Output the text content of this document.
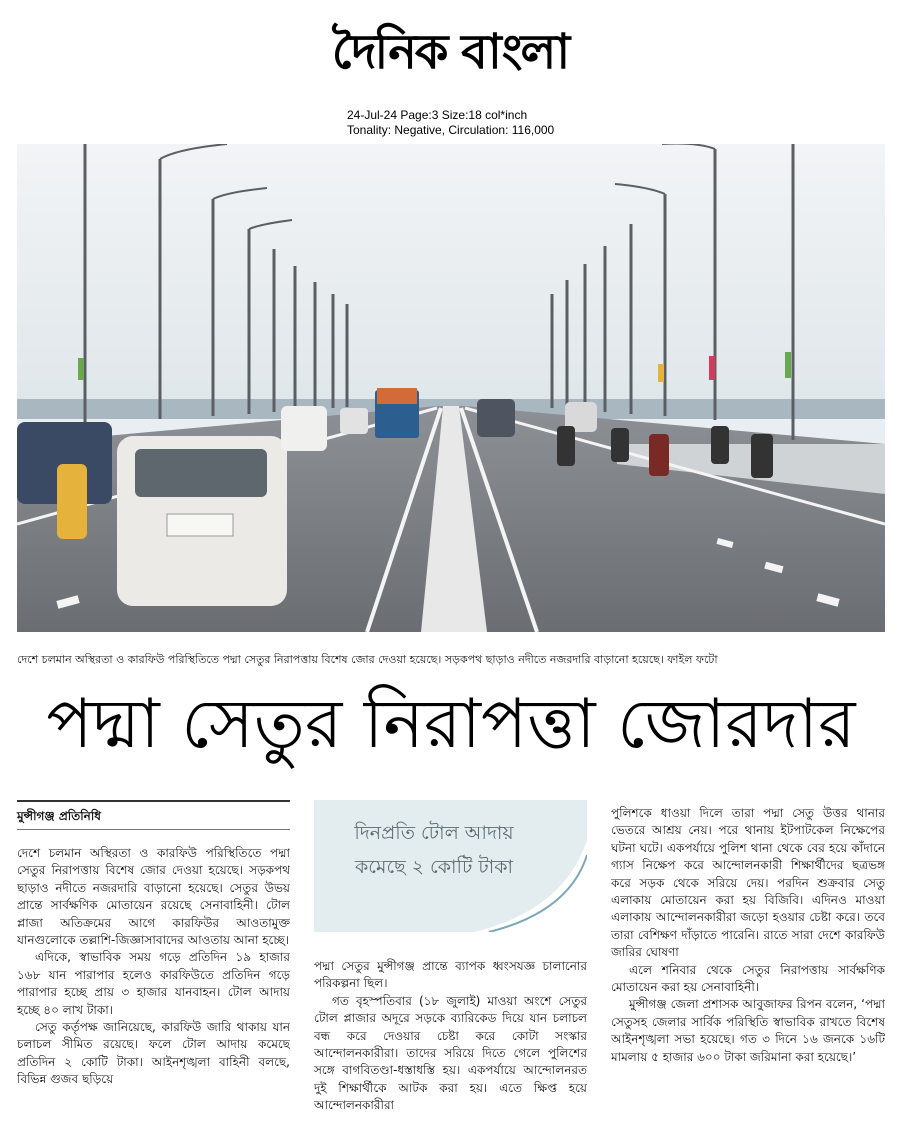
দৈনিক বাংলা
24-Jul-24 Page:3 Size:18 col*inch
Tonality: Negative, Circulation: 116,000
দেশে চলমান অস্থিরতা ও কারফিউ পরিস্থিতিতে পদ্মা সেতুর নিরাপত্তায় বিশেষ জোর দেওয়া হয়েছে। সড়কপথ ছাড়াও নদীতে নজরদারি বাড়ানো হয়েছে। ফাইল ফটো
পদ্মা সেতুর নিরাপত্তা জোরদার
মুন্সীগঞ্জ প্রতিনিধি

দেশে চলমান অস্থিরতা ও কারফিউ পরিস্থিতিতে পদ্মা সেতুর নিরাপত্তায় বিশেষ জোর দেওয়া হয়েছে। সড়কপথ ছাড়াও নদীতে নজরদারি বাড়ানো হয়েছে। সেতুর উভয় প্রান্তে সার্বক্ষণিক মোতায়েন রয়েছে সেনাবাহিনী। টোল প্লাজা অতিক্রমের আগে কারফিউর আওতামুক্ত যানগুলোকে তল্লাশি-জিজ্ঞাসাবাদের আওতায় আনা হচ্ছে।

এদিকে, স্বাভাবিক সময় গড়ে প্রতিদিন ১৯ হাজার ১৬৮ যান পারাপার হলেও কারফিউতে প্রতিদিন গড়ে পারাপার হচ্ছে প্রায় ৩ হাজার যানবাহন। টোল আদায় হচ্ছে ৪০ লাখ টাকা।

সেতু কর্তৃপক্ষ জানিয়েছে, কারফিউ জারি থাকায় যান চলাচল সীমিত রয়েছে। ফলে টোল আদায় কমেছে প্রতিদিন ২ কোটি টাকা। আইনশৃঙ্খলা বাহিনী বলছে, বিভিন্ন গুজব ছড়িয়ে

দিনপ্রতি টোল আদায় কমেছে ২ কোটি টাকা

পদ্মা সেতুর মুন্সীগঞ্জ প্রান্তে ব্যাপক ধ্বংসযজ্ঞ চালানোর পরিকল্পনা ছিল।

গত বৃহস্পতিবার (১৮ জুলাই) মাওয়া অংশে সেতুর টোল প্লাজার অদূরে সড়কে ব্যারিকেড দিয়ে যান চলাচল বন্ধ করে দেওয়ার চেষ্টা করে কোটা সংস্কার আন্দোলনকারীরা। তাদের সরিয়ে দিতে গেলে পুলিশের সঙ্গে বাগবিতণ্ডা-ধস্তাধস্তি হয়। একপর্যায়ে আন্দোলনরত দুই শিক্ষার্থীকে আটক করা হয়। এতে ক্ষিপ্ত হয়ে আন্দোলনকারীরা

পুলিশকে ধাওয়া দিলে তারা পদ্মা সেতু উত্তর থানার ভেতরে আশ্রয় নেয়। পরে থানায় ইটপাটকেল নিক্ষেপের ঘটনা ঘটে। একপর্যায়ে পুলিশ থানা থেকে বের হয়ে কাঁদানে গ্যাস নিক্ষেপ করে আন্দোলনকারী শিক্ষার্থীদের ছত্রভঙ্গ করে সড়ক থেকে সরিয়ে দেয়। পরদিন শুক্রবার সেতু এলাকায় মোতায়েন করা হয় বিজিবি। এদিনও মাওয়া এলাকায় আন্দোলনকারীরা জড়ো হওয়ার চেষ্টা করে। তবে তারা বেশিক্ষণ দাঁড়াতে পারেনি। রাতে সারা দেশে কারফিউ জারির ঘোষণা

এলে শনিবার থেকে সেতুর নিরাপত্তায় সার্বক্ষণিক মোতায়েন করা হয় সেনাবাহিনী।

মুন্সীগঞ্জ জেলা প্রশাসক আবুজাফর রিপন বলেন, ‘পদ্মা সেতুসহ জেলার সার্বিক পরিস্থিতি স্বাভাবিক রাখতে বিশেষ আইনশৃঙ্খলা সভা হয়েছে। গত ৩ দিনে ১৬ জনকে ১৬টি মামলায় ৫ হাজার ৬০০ টাকা জরিমানা করা হয়েছে।’
